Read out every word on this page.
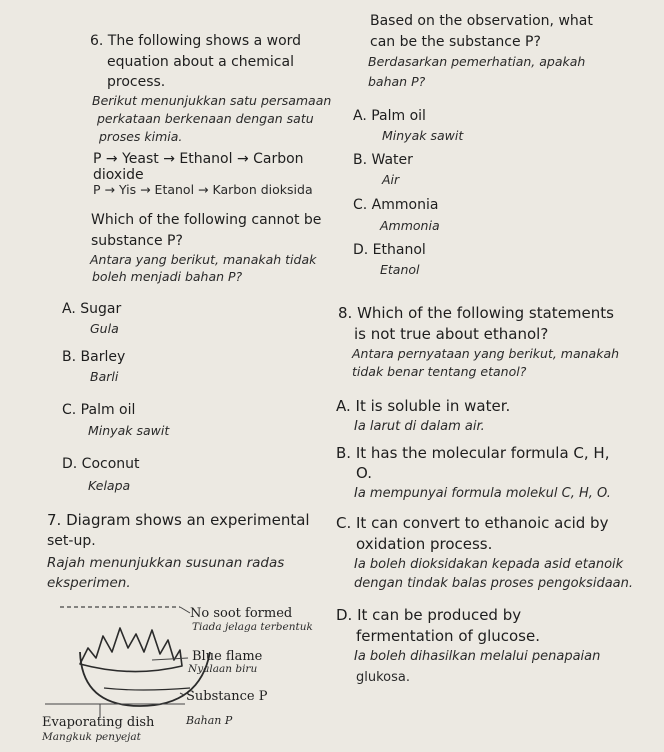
6. The following shows a word
equation about a chemical
process.
Berikut menunjukkan satu persamaan
perkataan berkenaan dengan satu
proses kimia.
P → Yeast → Ethanol → Carbon
dioxide
P → Yis → Etanol → Karbon dioksida
Which of the following cannot be
substance P?
Antara yang berikut, manakah tidak
boleh menjadi bahan P?
A. Sugar
Gula
B. Barley
Barli
C. Palm oil
Minyak sawit
D. Coconut
Kelapa
7. Diagram shows an experimental
set-up.
Rajah menunjukkan susunan radas
eksperimen.
No soot formed
Tiada jelaga terbentuk
Blue flame
Nyalaan biru
Substance P
Bahan P
Evaporating dish
Mangkuk penyejat
Based on the observation, what
can be the substance P?
Berdasarkan pemerhatian, apakah
bahan P?
A. Palm oil
Minyak sawit
B. Water
Air
C. Ammonia
Ammonia
D. Ethanol
Etanol
8. Which of the following statements
is not true about ethanol?
Antara pernyataan yang berikut, manakah
tidak benar tentang etanol?
A. It is soluble in water.
Ia larut di dalam air.
B. It has the molecular formula C, H,
O.
Ia mempunyai formula molekul C, H, O.
C. It can convert to ethanoic acid by
oxidation process.
Ia boleh dioksidakan kepada asid etanoik
dengan tindak balas proses pengoksidaan.
D. It can be produced by
fermentation of glucose.
Ia boleh dihasilkan melalui penapaian
glukosa.
